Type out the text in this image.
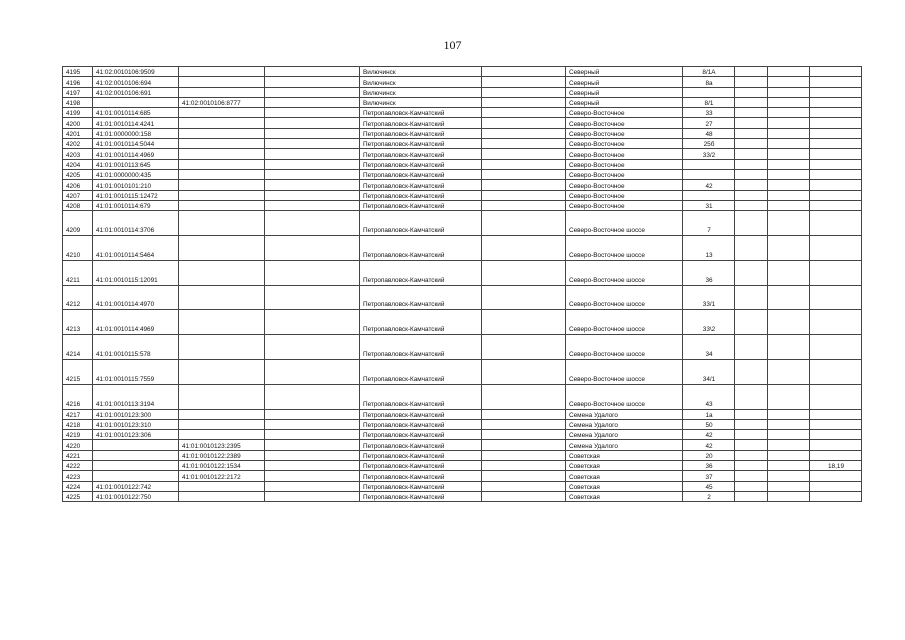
107
4195	41:02:0010106:9509			Вилючинск		Северный	8/1А			
4196	41:02:0010106:694			Вилючинск		Северный	8а			
4197	41:02:0010106:691			Вилючинск		Северный				
4198		41:02:0010106:8777		Вилючинск		Северный	8/1			
4199	41:01:0010114:685			Петропавловск-Камчатский		Северо-Восточное	33			
4200	41:01:0010114:4241			Петропавловск-Камчатский		Северо-Восточное	27			
4201	41:01:0000000:158			Петропавловск-Камчатский		Северо-Восточное	48			
4202	41:01:0010114:5044			Петропавловск-Камчатский		Северо-Восточное	25б			
4203	41:01:0010114:4969			Петропавловск-Камчатский		Северо-Восточное	33/2			
4204	41:01:0010113:645			Петропавловск-Камчатский		Северо-Восточное				
4205	41:01:0000000:435			Петропавловск-Камчатский		Северо-Восточное				
4206	41:01:0010101:210			Петропавловск-Камчатский		Северо-Восточное	42			
4207	41:01:0010115:12472			Петропавловск-Камчатский		Северо-Восточное				
4208	41:01:0010114:679			Петропавловск-Камчатский		Северо-Восточное	31			
4209	41:01:0010114:3706			Петропавловск-Камчатский		Северо-Восточное шоссе	7			
4210	41:01:0010114:5464			Петропавловск-Камчатский		Северо-Восточное шоссе	13			
4211	41:01:0010115:12091			Петропавловск-Камчатский		Северо-Восточное шоссе	36			
4212	41:01:0010114:4970			Петропавловск-Камчатский		Северо-Восточное шоссе	33/1			
4213	41:01:0010114:4969			Петропавловск-Камчатский		Северо-Восточное шоссе	33\2			
4214	41:01:0010115:578			Петропавловск-Камчатский		Северо-Восточное шоссе	34			
4215	41:01:0010115:7559			Петропавловск-Камчатский		Северо-Восточное шоссе	34/1			
4216	41:01:0010113:3194			Петропавловск-Камчатский		Северо-Восточное шоссе	43			
4217	41:01:0010123:300			Петропавловск-Камчатский		Семена Удалого	1а			
4218	41:01:0010123:310			Петропавловск-Камчатский		Семена Удалого	50			
4219	41:01:0010123:306			Петропавловск-Камчатский		Семена Удалого	42			
4220		41:01:0010123:2395		Петропавловск-Камчатский		Семена Удалого	42			
4221		41:01:0010122:2389		Петропавловск-Камчатский		Советская	20			
4222		41:01:0010122:1534		Петропавловск-Камчатский		Советская	36			18,19
4223		41:01:0010122:2172		Петропавловск-Камчатский		Советская	37			
4224	41:01:0010122:742			Петропавловск-Камчатский		Советская	45			
4225	41:01:0010122:750			Петропавловск-Камчатский		Советская	2			
